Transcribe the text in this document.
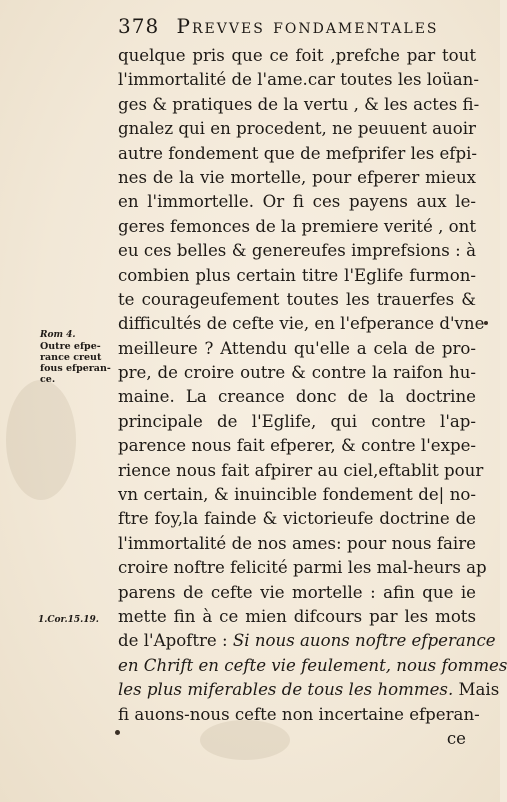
378 Prevves fondamentales
quelque pris que ce foit ,prefche par tout
l'immortalité de l'ame.car toutes les loüan-
ges & pratiques de la vertu , & les actes fi-
gnalez qui en procedent, ne peuuent auoir
autre fondement que de mefprifer les efpi-
nes de la vie mortelle, pour efperer mieux
en l'immortelle. Or fi ces payens aux le-
geres femonces de la premiere verité , ont
eu ces belles & genereufes imprefsions : à
combien plus certain titre l'Eglife furmon-
te courageufement toutes les trauerfes &
difficultés de cefte vie, en l'efperance d'vne
meilleure ? Attendu qu'elle a cela de pro-
pre, de croire outre & contre la raifon hu-
maine. La creance donc de la doctrine
principale de l'Eglife, qui contre l'ap-
parence nous fait efperer, & contre l'expe-
rience nous fait afpirer au ciel,eftablit pour
vn certain, & inuincible fondement de| no-
ftre foy,la fainde & victorieufe doctrine de
l'immortalité de nos ames: pour nous faire
croire noftre felicité parmi les mal-heurs ap
parens de cefte vie mortelle : afin que ie
mette fin à ce mien difcours par les mots
de l'Apoftre : Si nous auons noftre efperance
en Chrift en cefte vie feulement, nous fommes
les plus miferables de tous les hommes. Mais
fi auons-nous cefte non incertaine efperan-
ce
Rom 4.
Outre efpe-
rance creut
fous efperan-
ce.
1.Cor.15.19.
